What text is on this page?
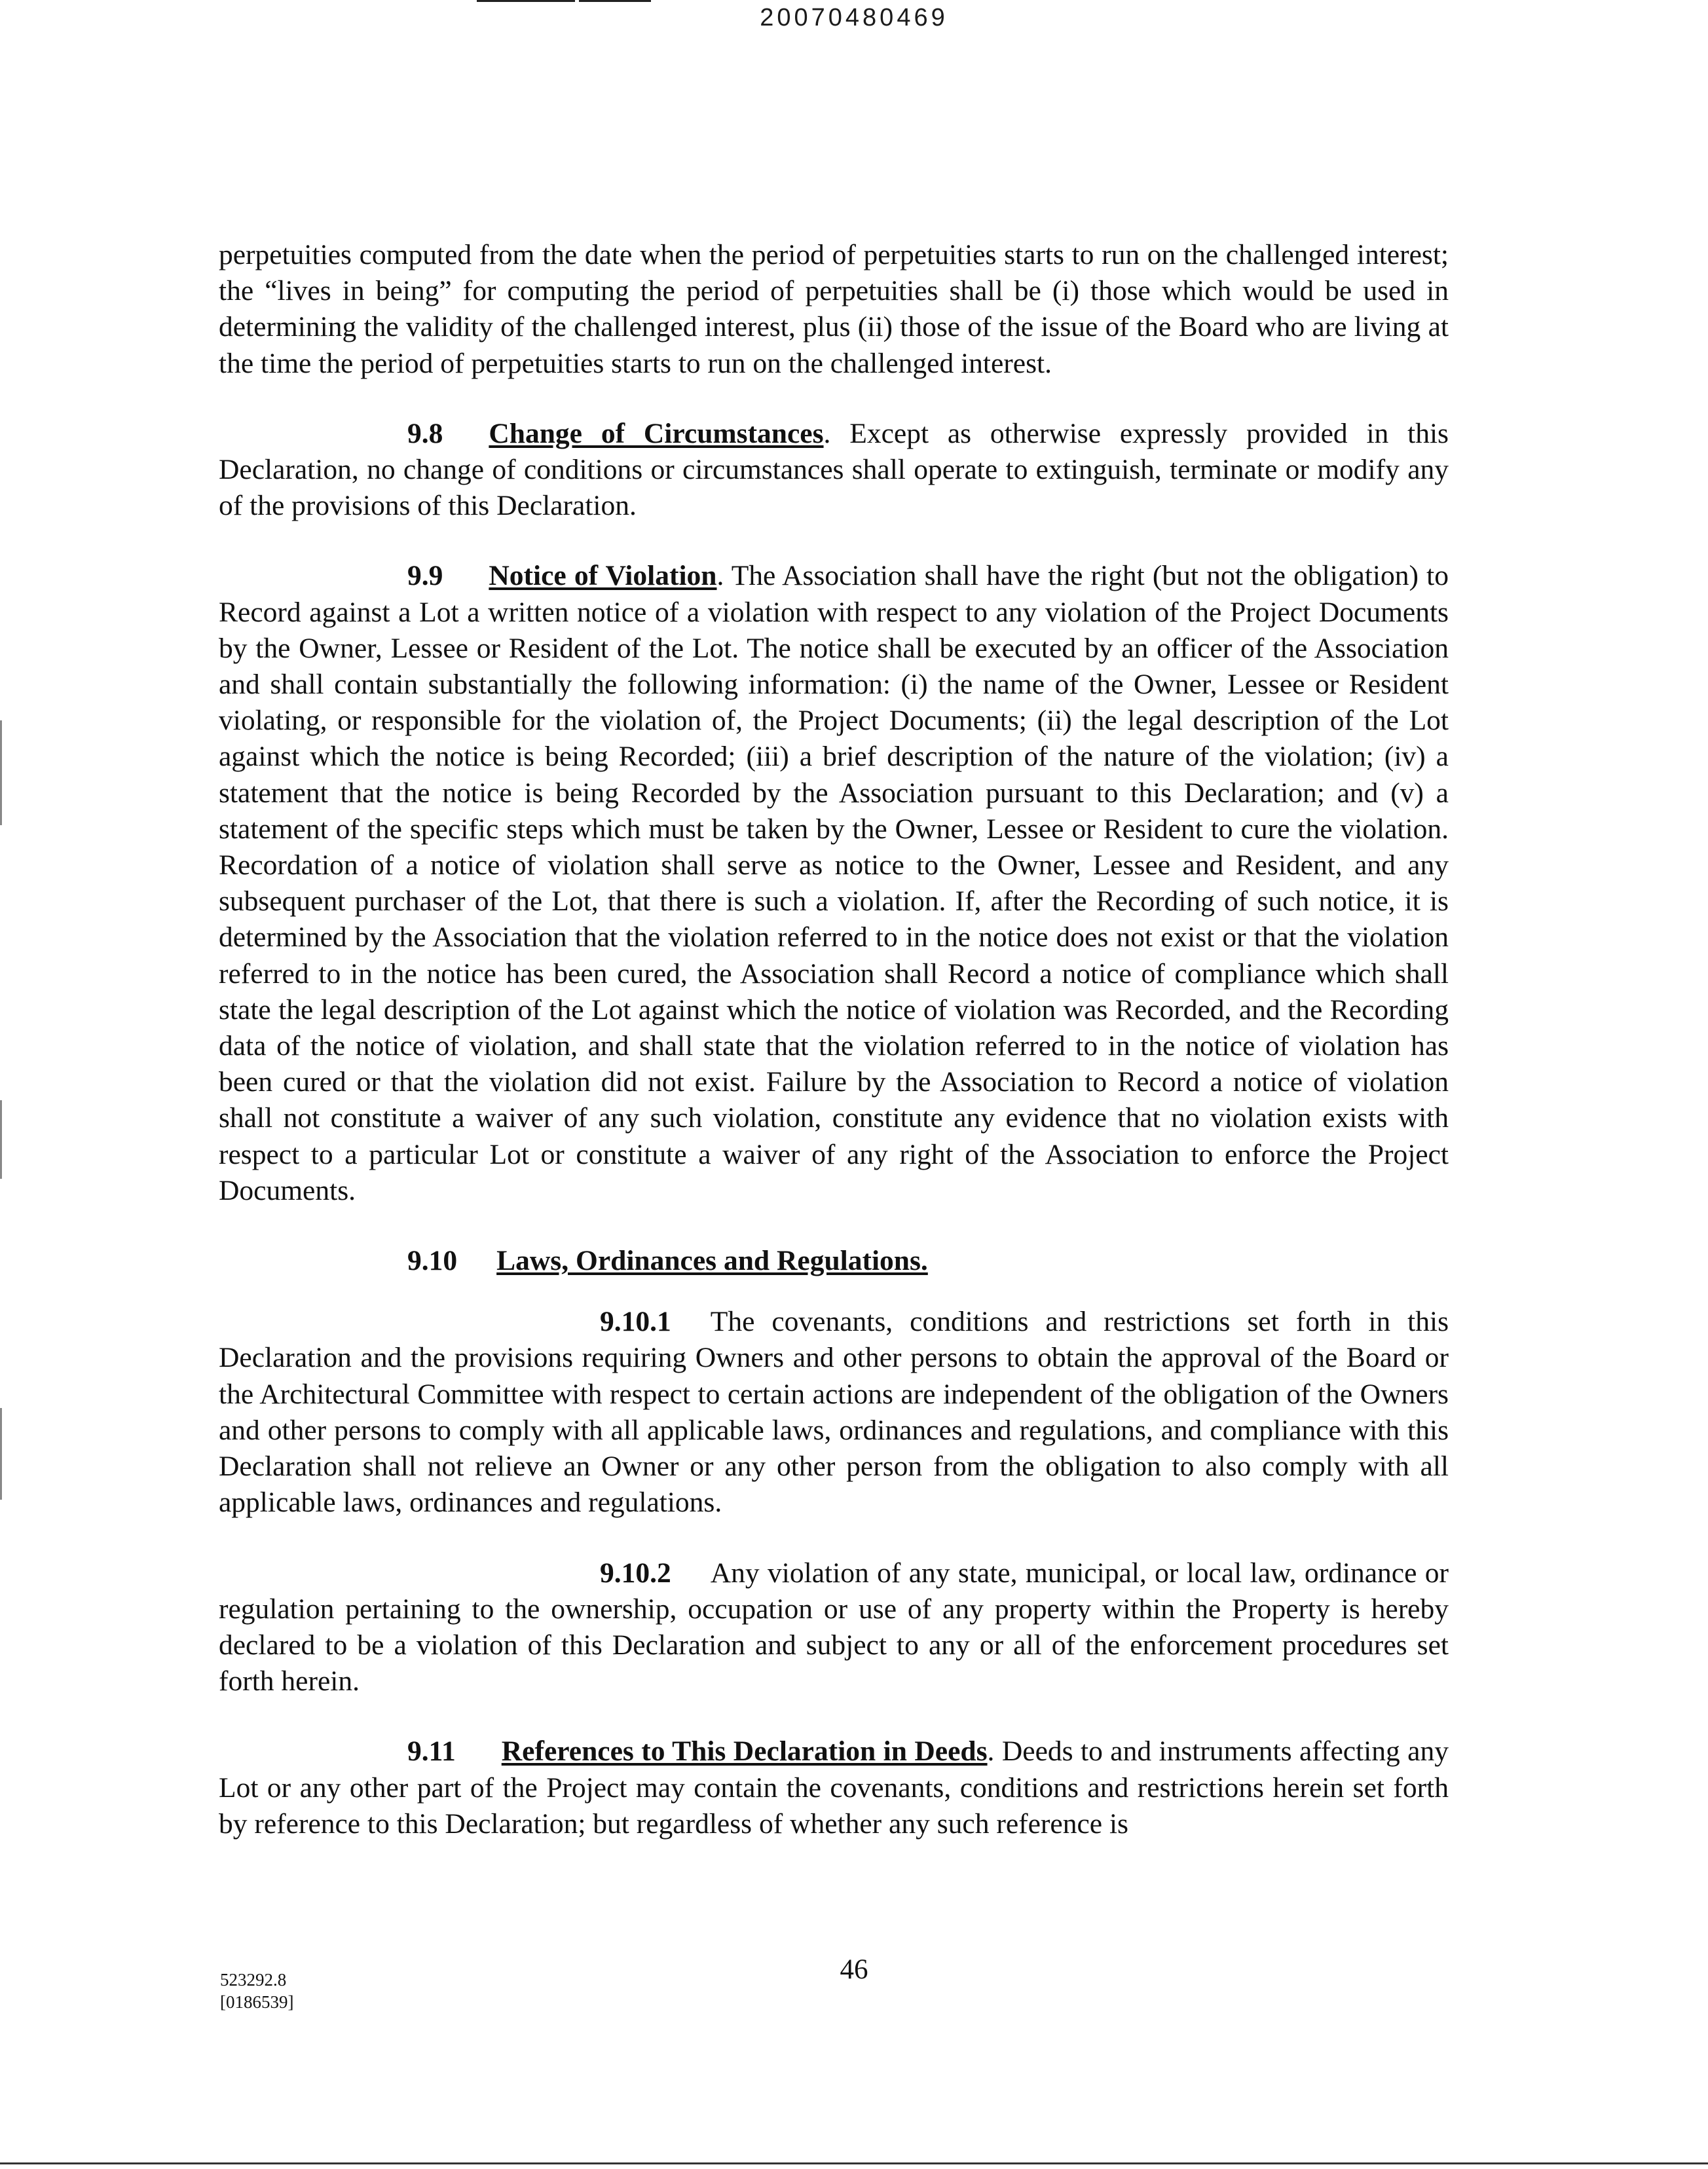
20070480469

perpetuities computed from the date when the period of perpetuities starts to run on the challenged interest; the “lives in being” for computing the period of perpetuities shall be (i) those which would be used in determining the validity of the challenged interest, plus (ii) those of the issue of the Board who are living at the time the period of perpetuities starts to run on the challenged interest.

9.8 Change of Circumstances. Except as otherwise expressly provided in this Declaration, no change of conditions or circumstances shall operate to extinguish, terminate or modify any of the provisions of this Declaration.

9.9 Notice of Violation. The Association shall have the right (but not the obligation) to Record against a Lot a written notice of a violation with respect to any violation of the Project Documents by the Owner, Lessee or Resident of the Lot. The notice shall be executed by an officer of the Association and shall contain substantially the following information: (i) the name of the Owner, Lessee or Resident violating, or responsible for the violation of, the Project Documents; (ii) the legal description of the Lot against which the notice is being Recorded; (iii) a brief description of the nature of the violation; (iv) a statement that the notice is being Recorded by the Association pursuant to this Declaration; and (v) a statement of the specific steps which must be taken by the Owner, Lessee or Resident to cure the violation. Recordation of a notice of violation shall serve as notice to the Owner, Lessee and Resident, and any subsequent purchaser of the Lot, that there is such a violation. If, after the Recording of such notice, it is determined by the Association that the violation referred to in the notice does not exist or that the violation referred to in the notice has been cured, the Association shall Record a notice of compliance which shall state the legal description of the Lot against which the notice of violation was Recorded, and the Recording data of the notice of violation, and shall state that the violation referred to in the notice of violation has been cured or that the violation did not exist. Failure by the Association to Record a notice of violation shall not constitute a waiver of any such violation, constitute any evidence that no violation exists with respect to a particular Lot or constitute a waiver of any right of the Association to enforce the Project Documents.

9.10 Laws, Ordinances and Regulations.

9.10.1 The covenants, conditions and restrictions set forth in this Declaration and the provisions requiring Owners and other persons to obtain the approval of the Board or the Architectural Committee with respect to certain actions are independent of the obligation of the Owners and other persons to comply with all applicable laws, ordinances and regulations, and compliance with this Declaration shall not relieve an Owner or any other person from the obligation to also comply with all applicable laws, ordinances and regulations.

9.10.2 Any violation of any state, municipal, or local law, ordinance or regulation pertaining to the ownership, occupation or use of any property within the Property is hereby declared to be a violation of this Declaration and subject to any or all of the enforcement procedures set forth herein.

9.11 References to This Declaration in Deeds. Deeds to and instruments affecting any Lot or any other part of the Project may contain the covenants, conditions and restrictions herein set forth by reference to this Declaration; but regardless of whether any such reference is

523292.8
[0186539]
46
